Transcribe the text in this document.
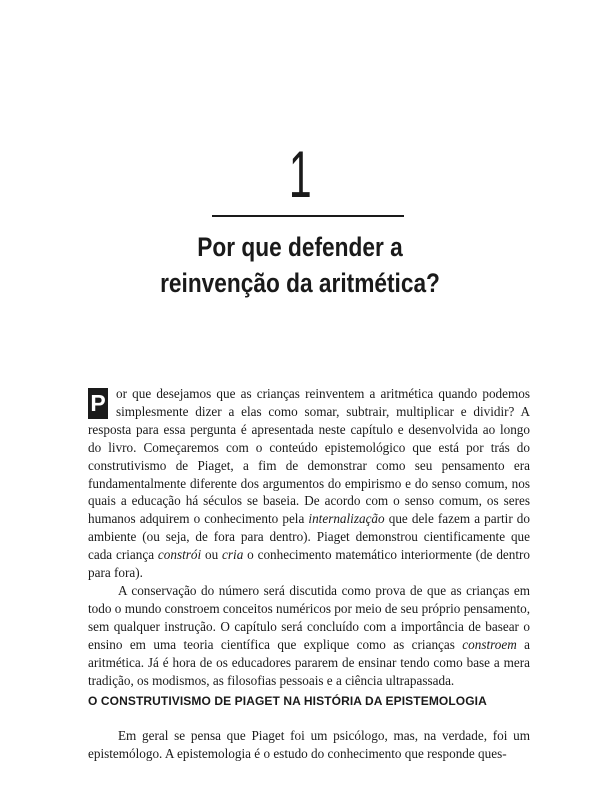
1
Por que defender a
reinvenção da aritmética?

P or que desejamos que as crianças reinventem a aritmética quando podemos simplesmente dizer a elas como somar, subtrair, multiplicar e dividir? A resposta para essa pergunta é apresentada neste capítulo e desenvolvida ao longo do livro. Começaremos com o conteúdo epistemológico que está por trás do construtivismo de Piaget, a fim de demonstrar como seu pensamento era fundamentalmente diferente dos argumentos do empirismo e do senso comum, nos quais a educação há séculos se baseia. De acordo com o senso comum, os seres humanos adquirem o conhecimento pela internalização que dele fazem a partir do ambiente (ou seja, de fora para dentro). Piaget demonstrou cientificamente que cada criança constrói ou cria o conhecimento matemático interiormente (de dentro para fora).

A conservação do número será discutida como prova de que as crianças em todo o mundo constroem conceitos numéricos por meio de seu próprio pensamento, sem qualquer instrução. O capítulo será concluído com a importância de basear o ensino em uma teoria científica que explique como as crianças constroem a aritmética. Já é hora de os educadores pararem de ensinar tendo como base a mera tradição, os modismos, as filosofias pessoais e a ciência ultrapassada.

O CONSTRUTIVISMO DE PIAGET NA HISTÓRIA DA EPISTEMOLOGIA

Em geral se pensa que Piaget foi um psicólogo, mas, na verdade, foi um epistemólogo. A epistemologia é o estudo do conhecimento que responde ques-
